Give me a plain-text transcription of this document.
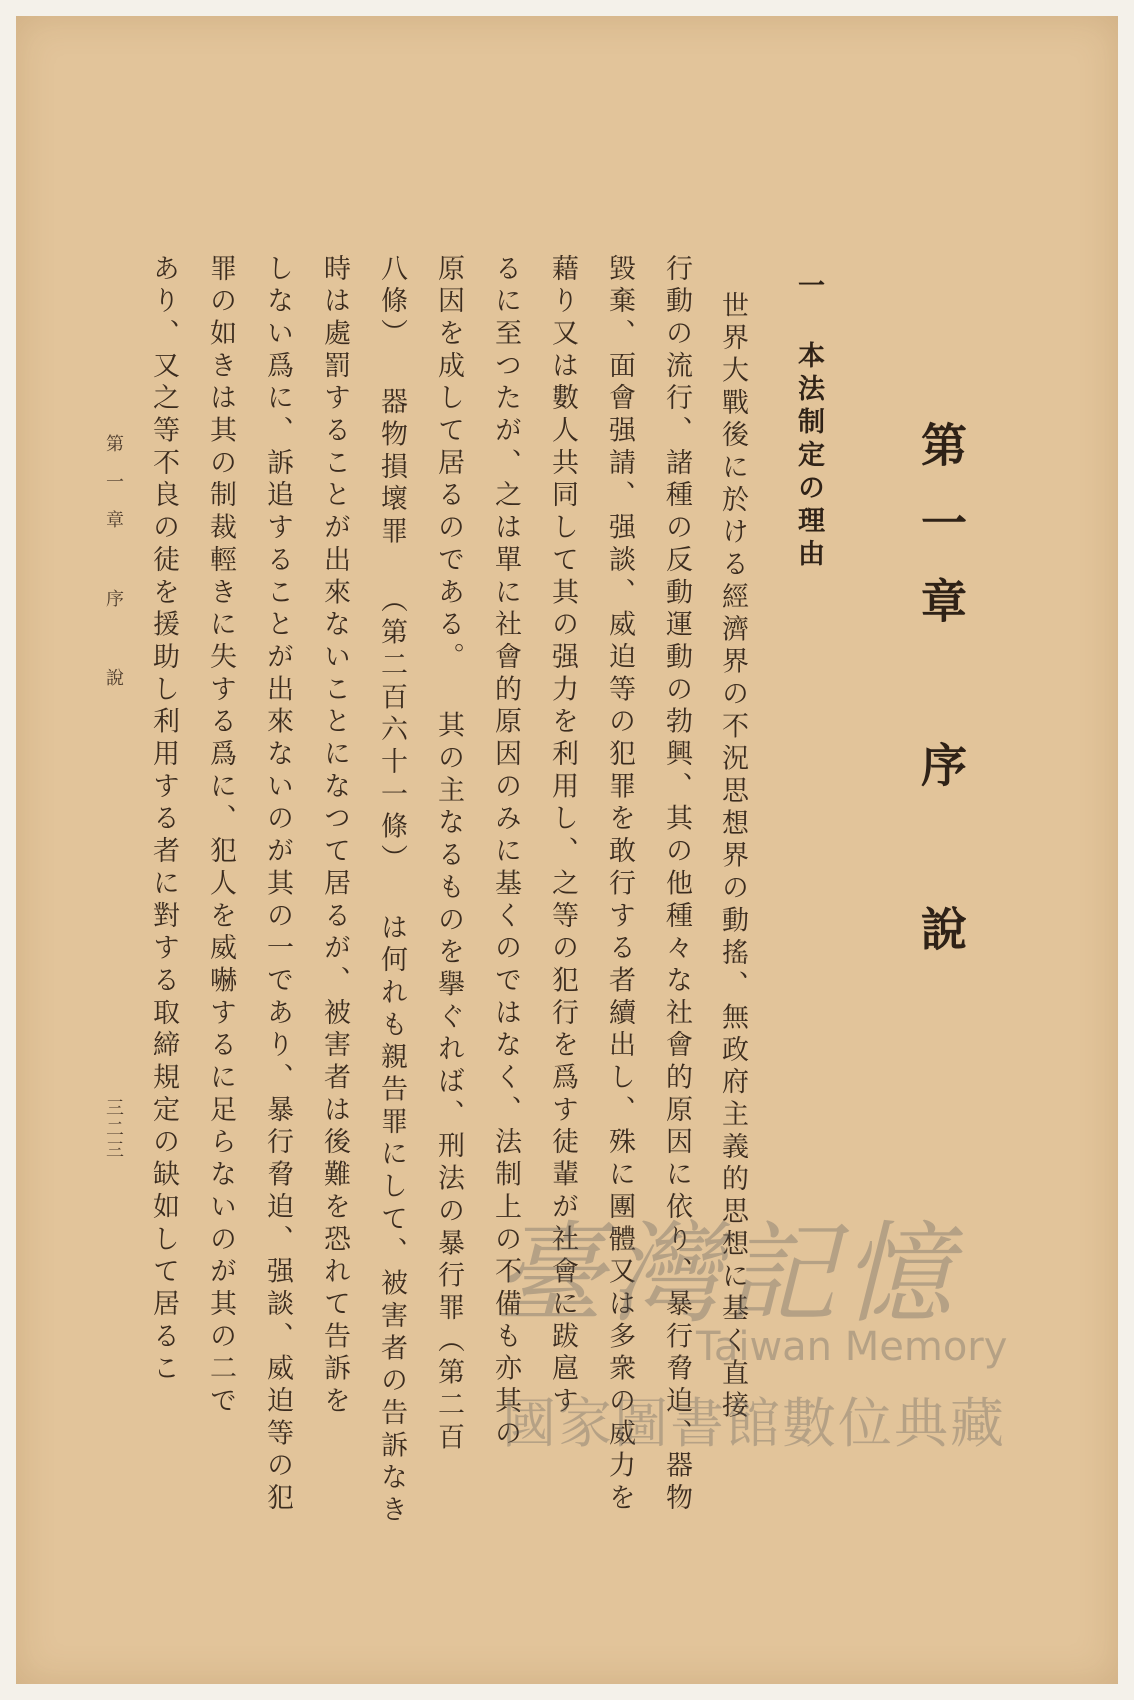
第一章 序 說
一 本法制定の理由
世界大戰後に於ける經濟界の不況思想界の動搖、無政府主義的思想に基く直接
行動の流行、諸種の反動運動の勃興、其の他種々な社會的原因に依り、暴行脅迫、器物
毀棄、面會强請、强談、威迫等の犯罪を敢行する者續出し、殊に團體又は多衆の威力を
藉り又は數人共同して其の强力を利用し、之等の犯行を爲す徒輩が社會に跋扈す
るに至つたが、之は單に社會的原因のみに基くのではなく、法制上の不備も亦其の
原因を成して居るのである。 其の主なるものを擧ぐれば、刑法の暴行罪（第二百
八條） 器物損壞罪 （第二百六十一條） は何れも親告罪にして、被害者の告訴なき
時は處罰することが出來ないことになつて居るが、被害者は後難を恐れて告訴を
しない爲に、訴追することが出來ないのが其の一であり、暴行脅迫、强談、威迫等の犯
罪の如きは其の制裁輕きに失する爲に、犯人を威嚇するに足らないのが其の二で
あり、又之等不良の徒を援助し利用する者に對する取締規定の缺如して居るこ
第一章 序 說
三二三
臺灣記憶
Taiwan Memory
國家圖書館數位典藏
